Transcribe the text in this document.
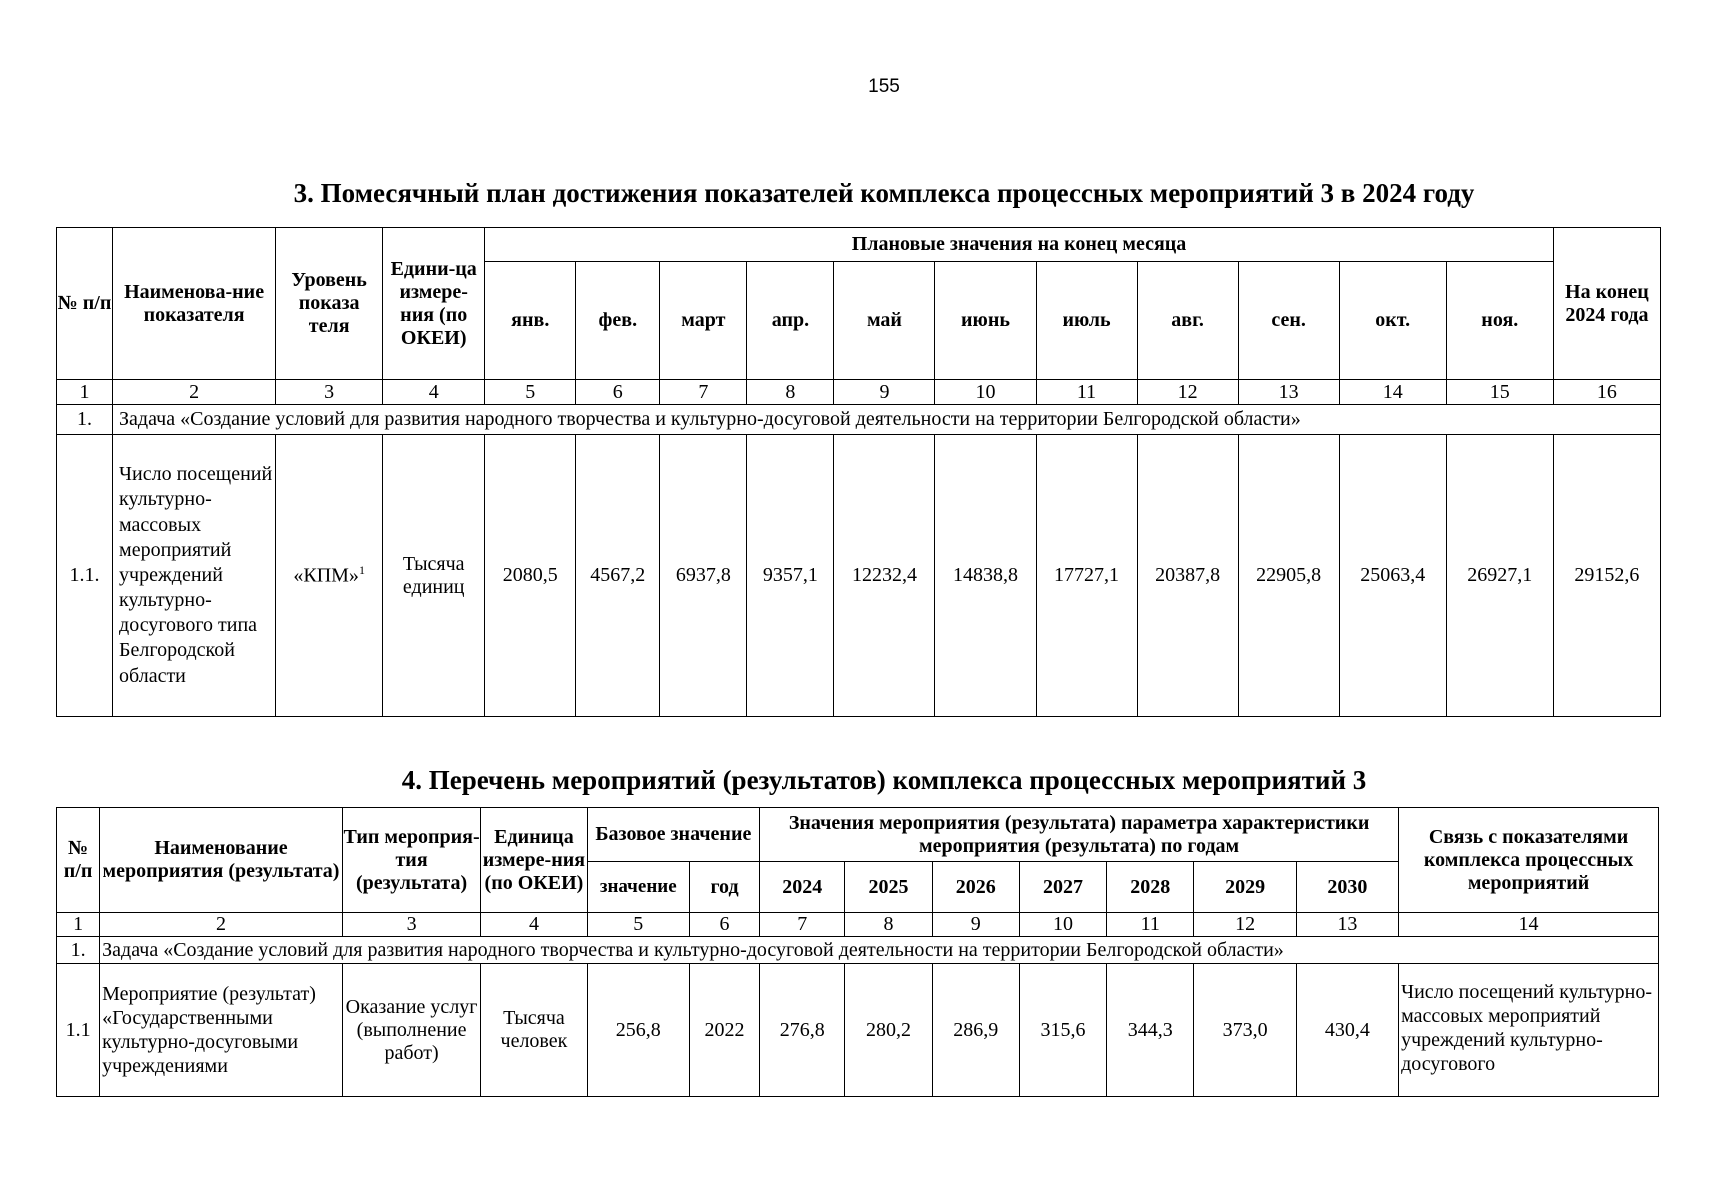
155
3. Помесячный план достижения показателей комплекса процессных мероприятий 3 в 2024 году
№ п/п	Наименова-ние показателя	Уровень показа теля	Едини-ца измере-ния (по ОКЕИ)	Плановые значения на конец месяца											На конец 2024 года
				янв.	фев.	март	апр.	май	июнь	июль	авг.	сен.	окт.	ноя.	
1	2	3	4	5	6	7	8	9	10	11	12	13	14	15	16
1.	Задача «Создание условий для развития народного творчества и культурно-досуговой деятельности на территории Белгородской области»														
1.1.	Число посещений культурно-массовых мероприятий учреждений культурно-досугового типа Белгородской области	«КПМ»$^1$	Тысяча единиц	2080,5	4567,2	6937,8	9357,1	12232,4	14838,8	17727,1	20387,8	22905,8	25063,4	26927,1	29152,6
4. Перечень мероприятий (результатов) комплекса процессных мероприятий 3
№ п/п	Наименование мероприятия (результата)	Тип мероприя-тия (результата)	Единица измере-ния (по ОКЕИ)	Базовое значение		Значения мероприятия (результата) параметра характеристики мероприятия (результата) по годам							Связь с показателями комплекса процессных мероприятий
				значение	год	2024	2025	2026	2027	2028	2029	2030	
1	2	3	4	5	6	7	8	9	10	11	12	13	14
1.	Задача «Создание условий для развития народного творчества и культурно-досуговой деятельности на территории Белгородской области»												
1.1	Мероприятие (результат) «Государственными культурно-досуговыми учреждениями	Оказание услуг (выполнение работ)	Тысяча человек	256,8	2022	276,8	280,2	286,9	315,6	344,3	373,0	430,4	Число посещений культурно-массовых мероприятий учреждений культурно-досугового
